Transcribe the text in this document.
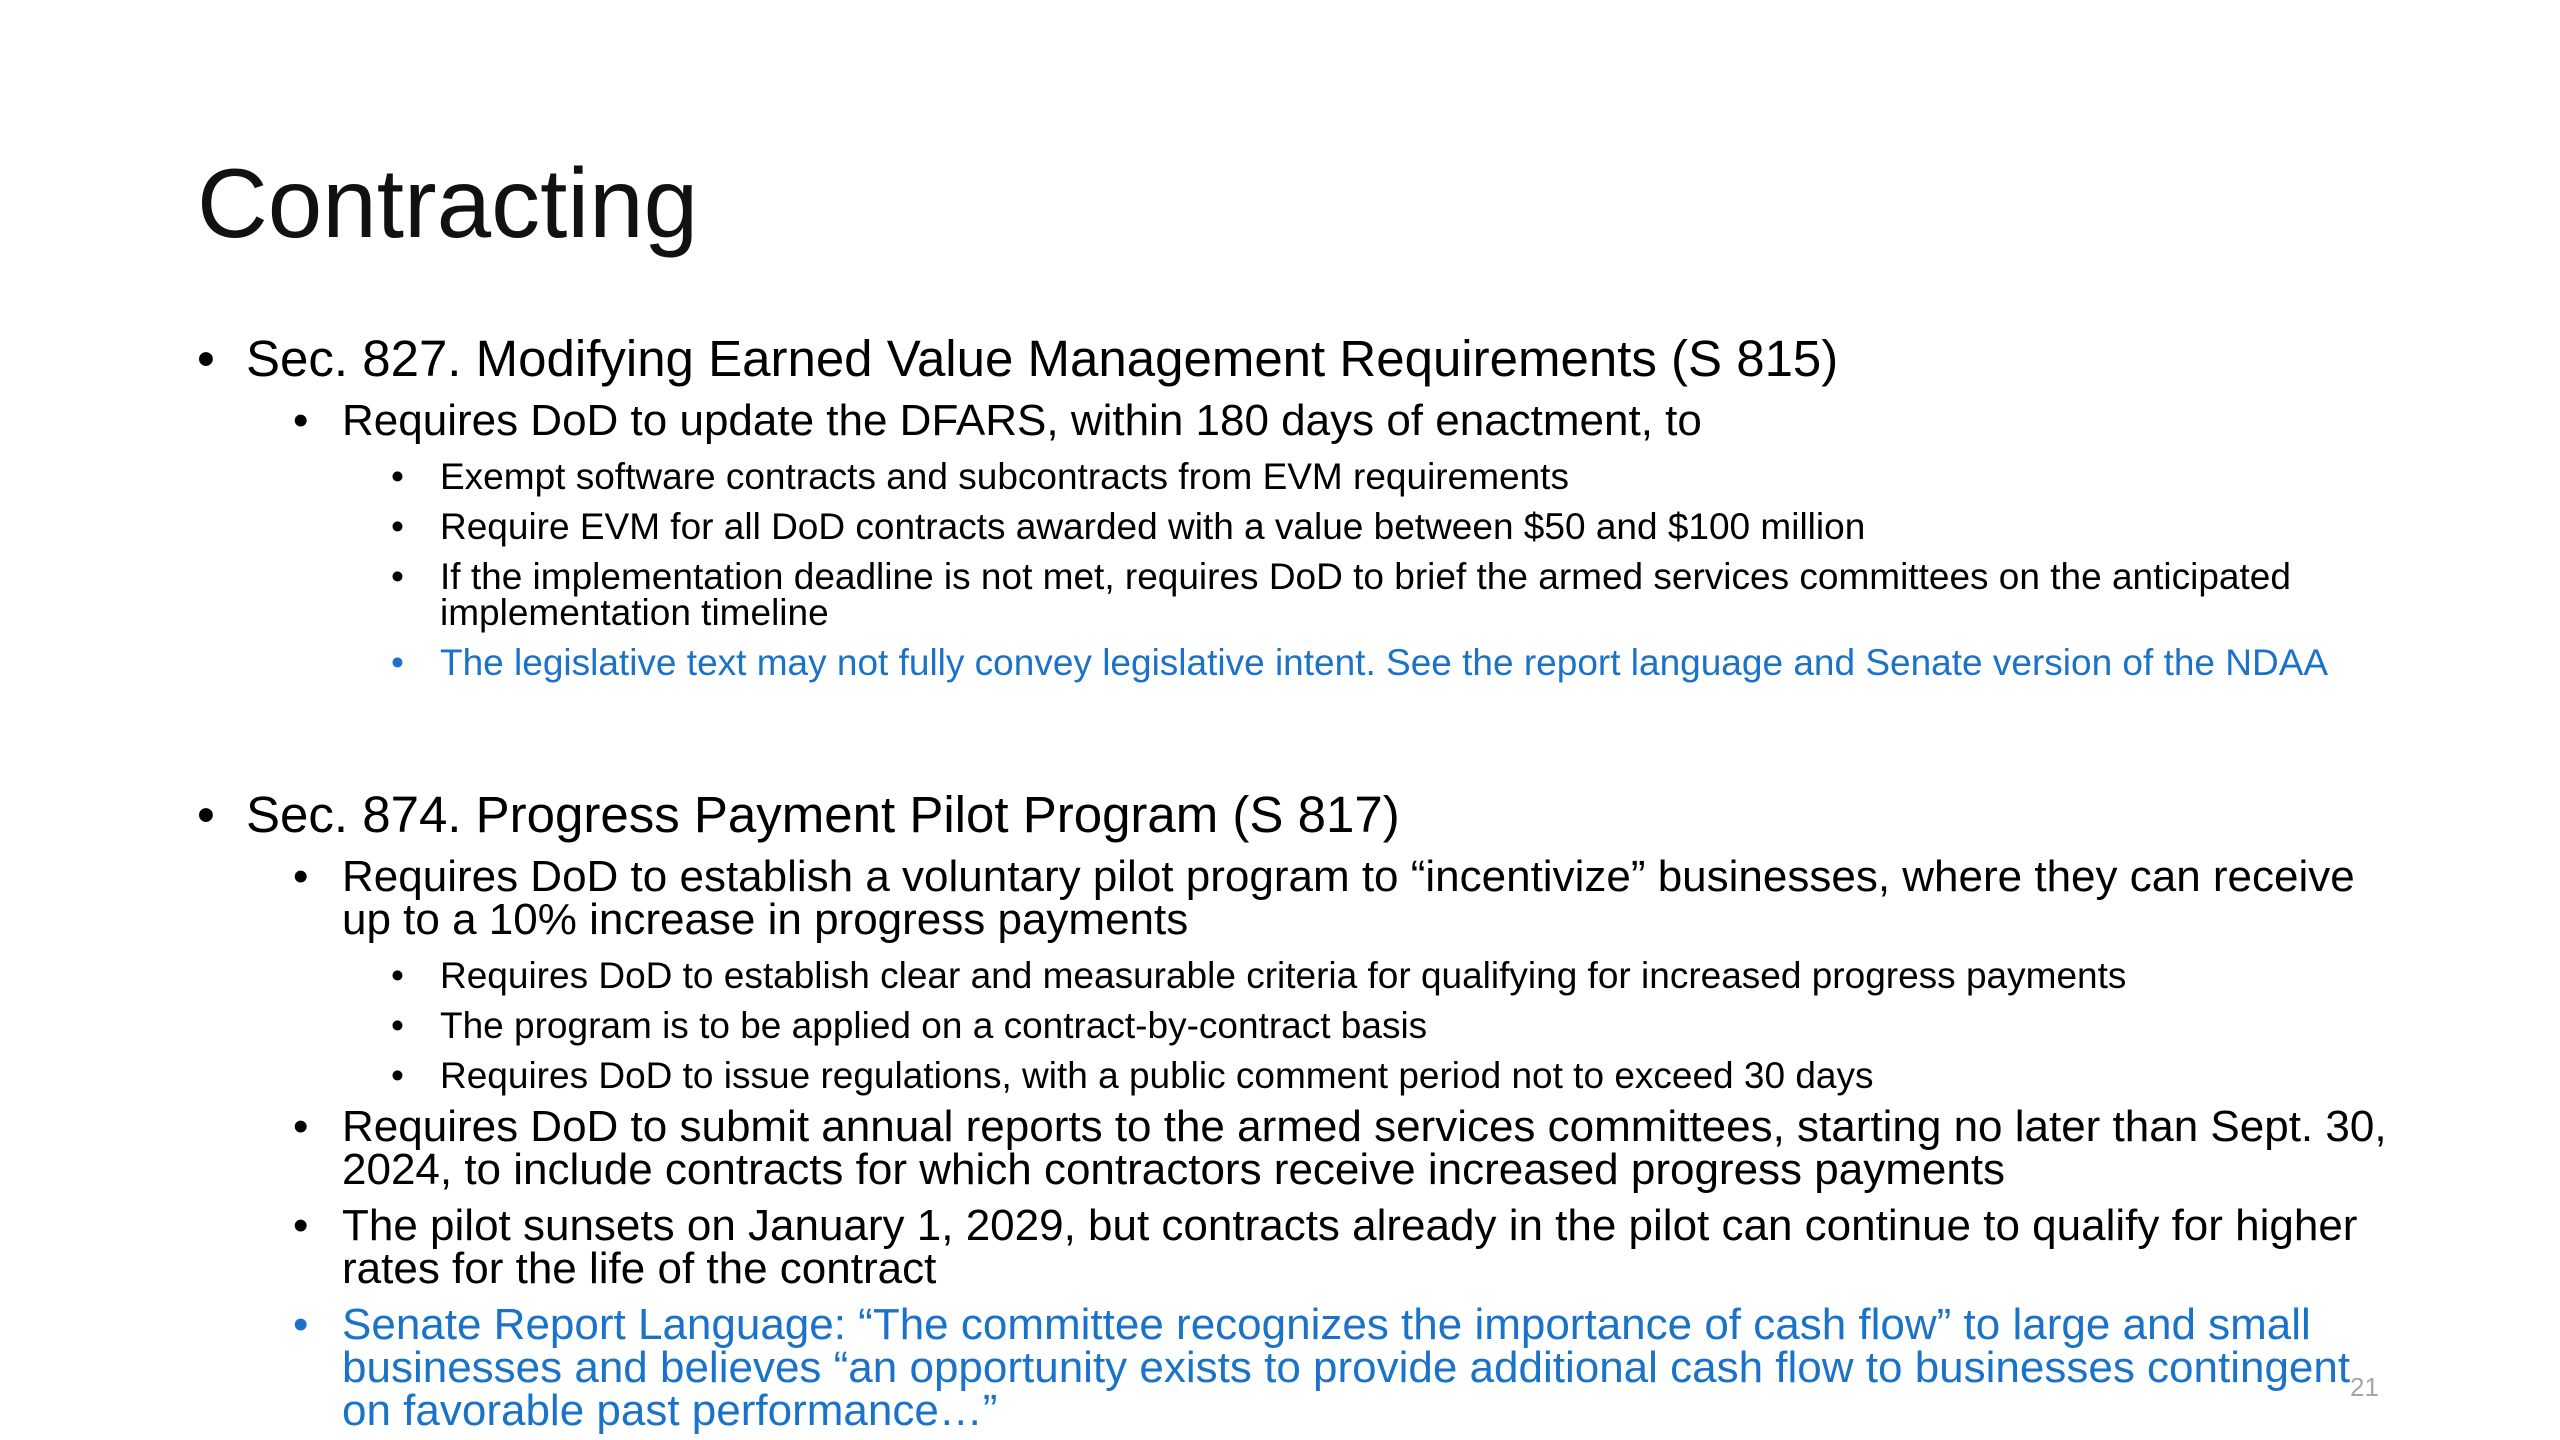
Contracting
• Sec. 827. Modifying Earned Value Management Requirements (S 815)
• Requires DoD to update the DFARS, within 180 days of enactment, to
• Exempt software contracts and subcontracts from EVM requirements
• Require EVM for all DoD contracts awarded with a value between $50 and $100 million
• If the implementation deadline is not met, requires DoD to brief the armed services committees on the anticipated implementation timeline
• The legislative text may not fully convey legislative intent. See the report language and Senate version of the NDAA
• Sec. 874. Progress Payment Pilot Program (S 817)
• Requires DoD to establish a voluntary pilot program to “incentivize” businesses, where they can receive up to a 10% increase in progress payments
• Requires DoD to establish clear and measurable criteria for qualifying for increased progress payments
• The program is to be applied on a contract-by-contract basis
• Requires DoD to issue regulations, with a public comment period not to exceed 30 days
• Requires DoD to submit annual reports to the armed services committees, starting no later than Sept. 30, 2024, to include contracts for which contractors receive increased progress payments
• The pilot sunsets on January 1, 2029, but contracts already in the pilot can continue to qualify for higher rates for the life of the contract
• Senate Report Language: “The committee recognizes the importance of cash flow” to large and small businesses and believes “an opportunity exists to provide additional cash flow to businesses contingent on favorable past performance…”	21
